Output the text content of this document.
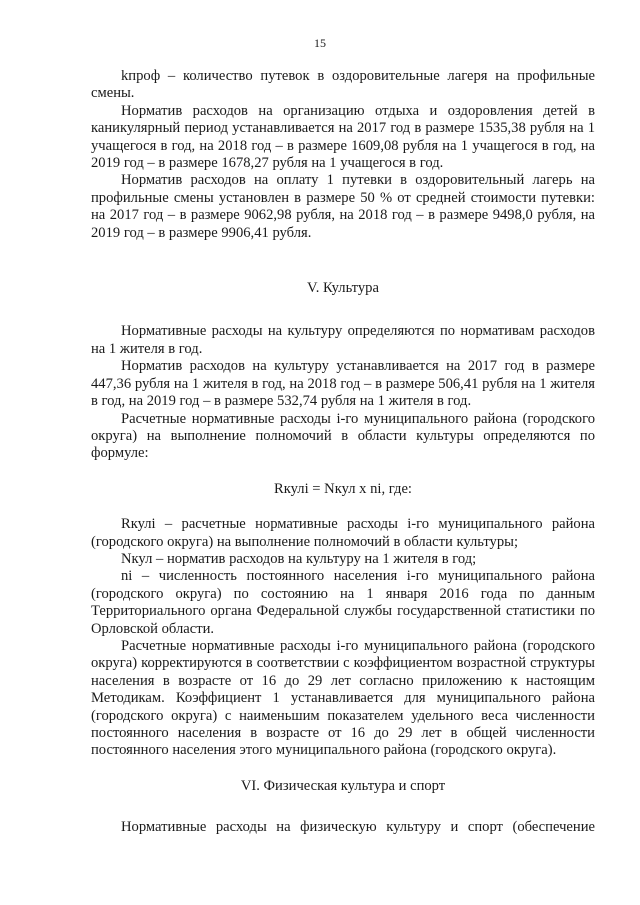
15

kпроф – количество путевок в оздоровительные лагеря на профильные смены.

Норматив расходов на организацию отдыха и оздоровления детей в каникулярный период устанавливается на 2017 год в размере 1535,38 рубля на 1 учащегося в год, на 2018 год – в размере 1609,08 рубля на 1 учащегося в год, на 2019 год – в размере 1678,27 рубля на 1 учащегося в год.

Норматив расходов на оплату 1 путевки в оздоровительный лагерь на профильные смены установлен в размере 50 % от средней стоимости путевки: на 2017 год – в размере 9062,98 рубля, на 2018 год – в размере 9498,0 рубля, на 2019 год – в размере 9906,41 рубля.

V. Культура

Нормативные расходы на культуру определяются по нормативам расходов на 1 жителя в год.

Норматив расходов на культуру устанавливается на 2017 год в размере 447,36 рубля на 1 жителя в год, на 2018 год – в размере 506,41 рубля на 1 жителя в год, на 2019 год – в размере 532,74 рубля на 1 жителя в год.

Расчетные нормативные расходы i-го муниципального района (городского округа) на выполнение полномочий в области культуры определяются по формуле:

Rкулi = Nкул x ni, где:

Rкулi – расчетные нормативные расходы i-го муниципального района (городского округа) на выполнение полномочий в области культуры;

Nкул – норматив расходов на культуру на 1 жителя в год;

ni – численность постоянного населения i-го муниципального района (городского округа) по состоянию на 1 января 2016 года по данным Территориального органа Федеральной службы государственной статистики по Орловской области.

Расчетные нормативные расходы i-го муниципального района (городского округа) корректируются в соответствии с коэффициентом возрастной структуры населения в возрасте от 16 до 29 лет согласно приложению к настоящим Методикам. Коэффициент 1 устанавливается для муниципального района (городского округа) с наименьшим показателем удельного веса численности постоянного населения в возрасте от 16 до 29 лет в общей численности постоянного населения этого муниципального района (городского округа).

VI. Физическая культура и спорт

Нормативные расходы на физическую культуру и спорт (обеспечение
